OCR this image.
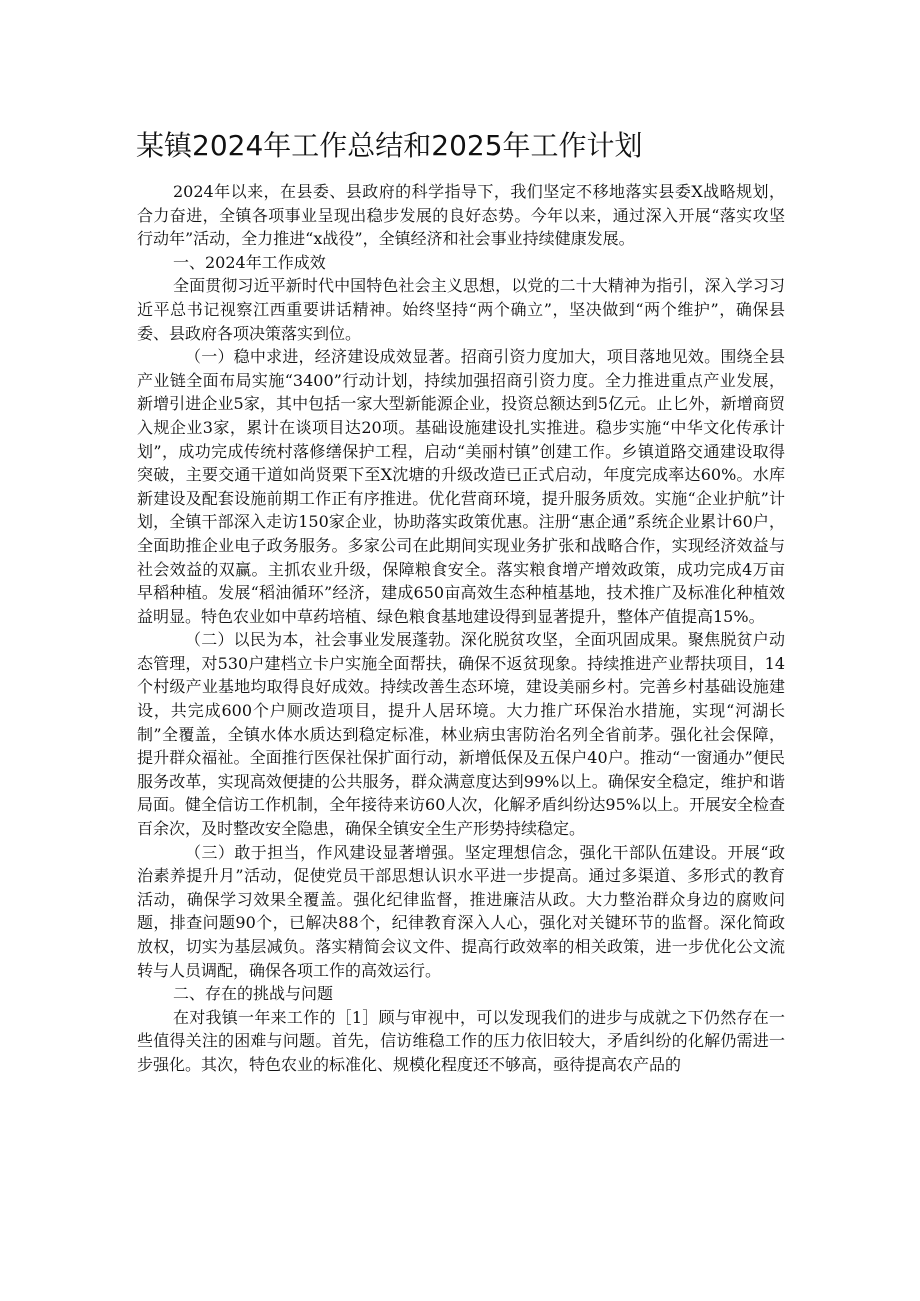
某镇2024年工作总结和2025年工作计划

2024年以来，在县委、县政府的科学指导下，我们坚定不移地落实县委X战略规划，合力奋进，全镇各项事业呈现出稳步发展的良好态势。今年以来，通过深入开展“落实攻坚行动年”活动，全力推进“x战役”，全镇经济和社会事业持续健康发展。

一、2024年工作成效

全面贯彻习近平新时代中国特色社会主义思想，以党的二十大精神为指引，深入学习习近平总书记视察江西重要讲话精神。始终坚持“两个确立”，坚决做到“两个维护”，确保县委、县政府各项决策落实到位。

（一）稳中求进，经济建设成效显著。招商引资力度加大，项目落地见效。围绕全县产业链全面布局实施“3400”行动计划，持续加强招商引资力度。全力推进重点产业发展，新增引进企业5家，其中包括一家大型新能源企业，投资总额达到5亿元。止匕外，新增商贸入规企业3家，累计在谈项目达20项。基础设施建设扎实推进。稳步实施“中华文化传承计划”，成功完成传统村落修缮保护工程，启动“美丽村镇”创建工作。乡镇道路交通建设取得突破，主要交通干道如尚贤栗下至X沈塘的升级改造已正式启动，年度完成率达60%。水库新建设及配套设施前期工作正有序推进。优化营商环境，提升服务质效。实施“企业护航”计划，全镇干部深入走访150家企业，协助落实政策优惠。注册“惠企通”系统企业累计60户，全面助推企业电子政务服务。多家公司在此期间实现业务扩张和战略合作，实现经济效益与社会效益的双赢。主抓农业升级，保障粮食安全。落实粮食增产增效政策，成功完成4万亩早稻种植。发展“稻油循环”经济，建成650亩高效生态种植基地，技术推广及标准化种植效益明显。特色农业如中草药培植、绿色粮食基地建设得到显著提升，整体产值提高15%。

（二）以民为本，社会事业发展蓬勃。深化脱贫攻坚，全面巩固成果。聚焦脱贫户动态管理，对530户建档立卡户实施全面帮扶，确保不返贫现象。持续推进产业帮扶项目，14个村级产业基地均取得良好成效。持续改善生态环境，建设美丽乡村。完善乡村基础设施建设，共完成600个户厕改造项目，提升人居环境。大力推广环保治水措施，实现“河湖长制”全覆盖，全镇水体水质达到稳定标准，林业病虫害防治名列全省前茅。强化社会保障，提升群众福祉。全面推行医保社保扩面行动，新增低保及五保户40户。推动“一窗通办”便民服务改革，实现高效便捷的公共服务，群众满意度达到99%以上。确保安全稳定，维护和谐局面。健全信访工作机制，全年接待来访60人次，化解矛盾纠纷达95%以上。开展安全检查百余次，及时整改安全隐患，确保全镇安全生产形势持续稳定。

（三）敢于担当，作风建设显著增强。坚定理想信念，强化干部队伍建设。开展“政治素养提升月”活动，促使党员干部思想认识水平进一步提高。通过多渠道、多形式的教育活动，确保学习效果全覆盖。强化纪律监督，推进廉洁从政。大力整治群众身边的腐败问题，排查问题90个，已解决88个，纪律教育深入人心，强化对关键环节的监督。深化简政放权，切实为基层减负。落实精简会议文件、提高行政效率的相关政策，进一步优化公文流转与人员调配，确保各项工作的高效运行。

二、存在的挑战与问题

在对我镇一年来工作的［1］顾与审视中，可以发现我们的进步与成就之下仍然存在一些值得关注的困难与问题。首先，信访维稳工作的压力依旧较大，矛盾纠纷的化解仍需进一步强化。其次，特色农业的标准化、规模化程度还不够高，亟待提高农产品的
